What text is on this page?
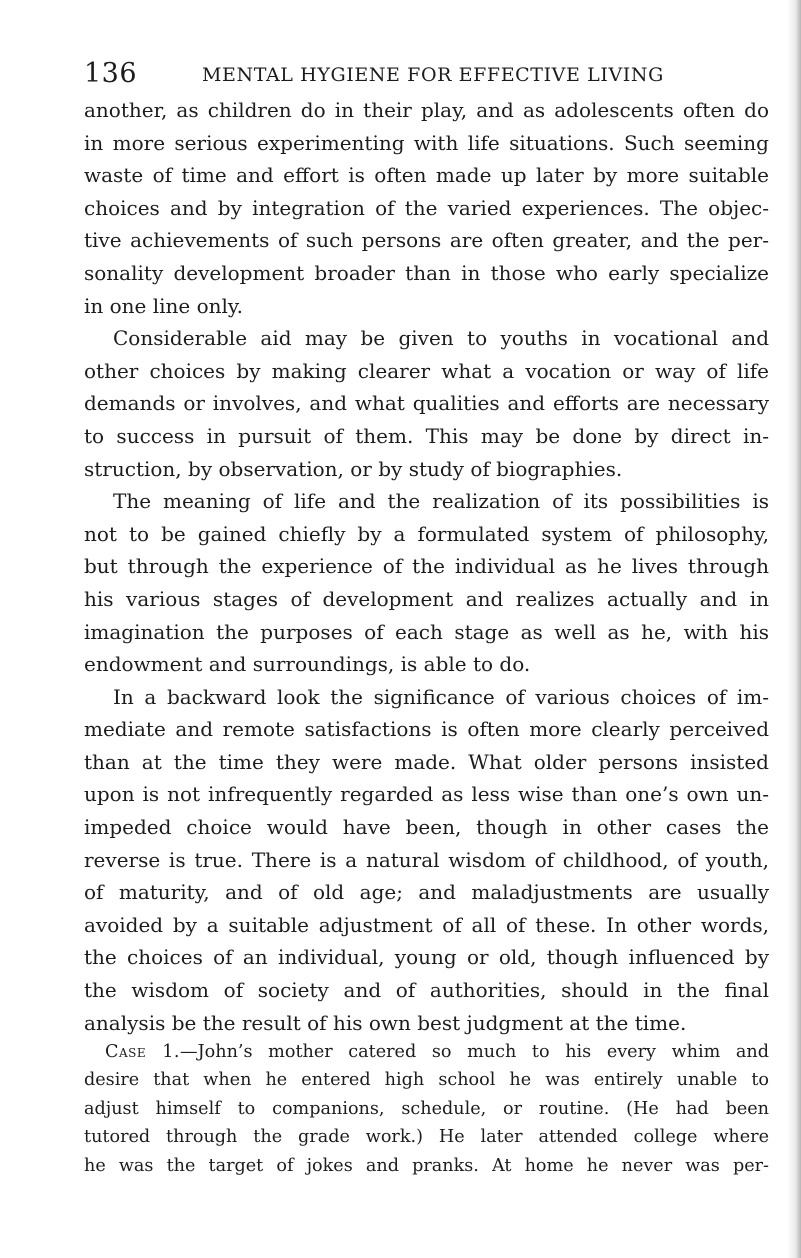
136	MENTAL HYGIENE FOR EFFECTIVE LIVING
another, as children do in their play, and as adolescents often do
in more serious experimenting with life situations. Such seeming
waste of time and effort is often made up later by more suitable
choices and by integration of the varied experiences. The objec-
tive achievements of such persons are often greater, and the per-
sonality development broader than in those who early specialize
in one line only.
Considerable aid may be given to youths in vocational and
other choices by making clearer what a vocation or way of life
demands or involves, and what qualities and efforts are necessary
to success in pursuit of them. This may be done by direct in-
struction, by observation, or by study of biographies.
The meaning of life and the realization of its possibilities is
not to be gained chiefly by a formulated system of philosophy,
but through the experience of the individual as he lives through
his various stages of development and realizes actually and in
imagination the purposes of each stage as well as he, with his
endowment and surroundings, is able to do.
In a backward look the significance of various choices of im-
mediate and remote satisfactions is often more clearly perceived
than at the time they were made. What older persons insisted
upon is not infrequently regarded as less wise than one’s own un-
impeded choice would have been, though in other cases the
reverse is true. There is a natural wisdom of childhood, of youth,
of maturity, and of old age; and maladjustments are usually
avoided by a suitable adjustment of all of these. In other words,
the choices of an individual, young or old, though influenced by
the wisdom of society and of authorities, should in the final
analysis be the result of his own best judgment at the time.
Case 1.—John’s mother catered so much to his every whim and
desire that when he entered high school he was entirely unable to
adjust himself to companions, schedule, or routine. (He had been
tutored through the grade work.) He later attended college where
he was the target of jokes and pranks. At home he never was per-
